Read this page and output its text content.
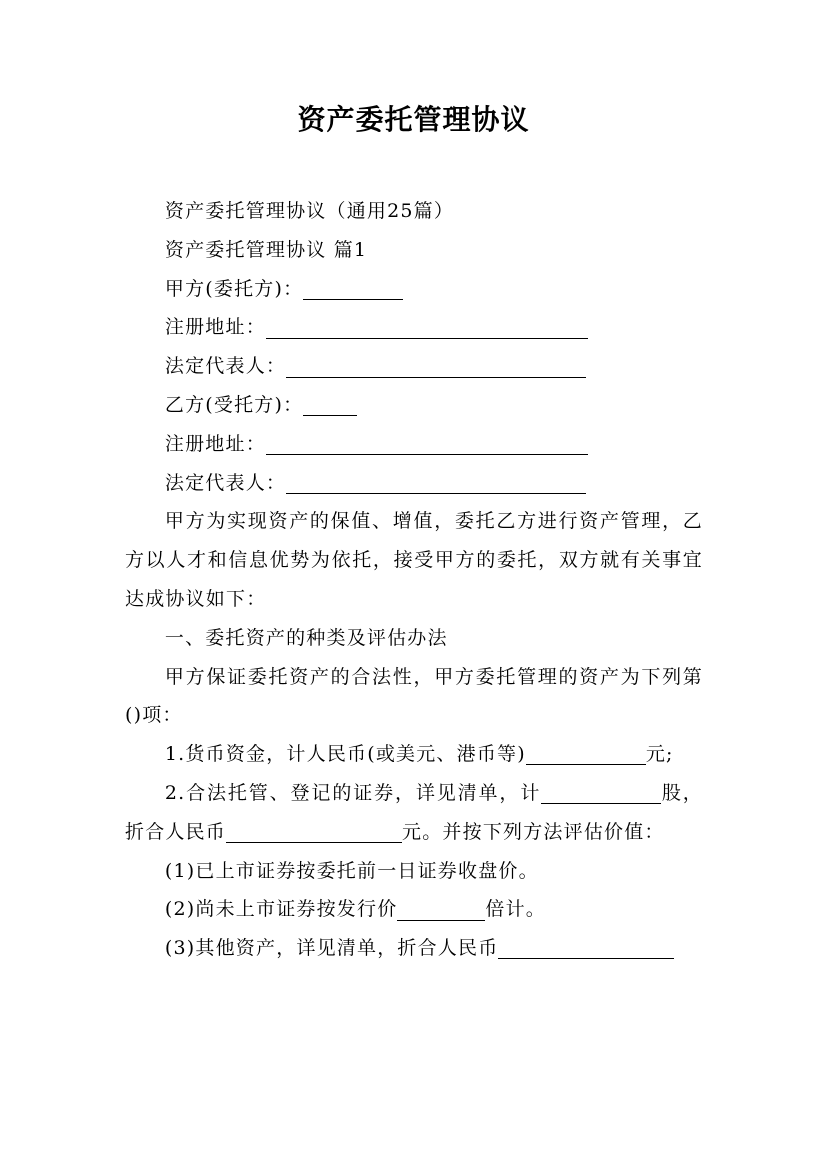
资产委托管理协议

资产委托管理协议（通用25篇）

资产委托管理协议 篇1

甲方(委托方)：

注册地址：

法定代表人：

乙方(受托方)：

注册地址：

法定代表人：

甲方为实现资产的保值、增值，委托乙方进行资产管理，乙方以人才和信息优势为依托，接受甲方的委托，双方就有关事宜达成协议如下：

一、委托资产的种类及评估办法

甲方保证委托资产的合法性，甲方委托管理的资产为下列第()项：

1.货币资金，计人民币(或美元、港币等)	元;

2.合法托管、登记的证券，详见清单，计	股，折合人民币	元。并按下列方法评估价值：

(1)已上市证券按委托前一日证券收盘价。

(2)尚未上市证券按发行价	倍计。

(3)其他资产，详见清单，折合人民币
